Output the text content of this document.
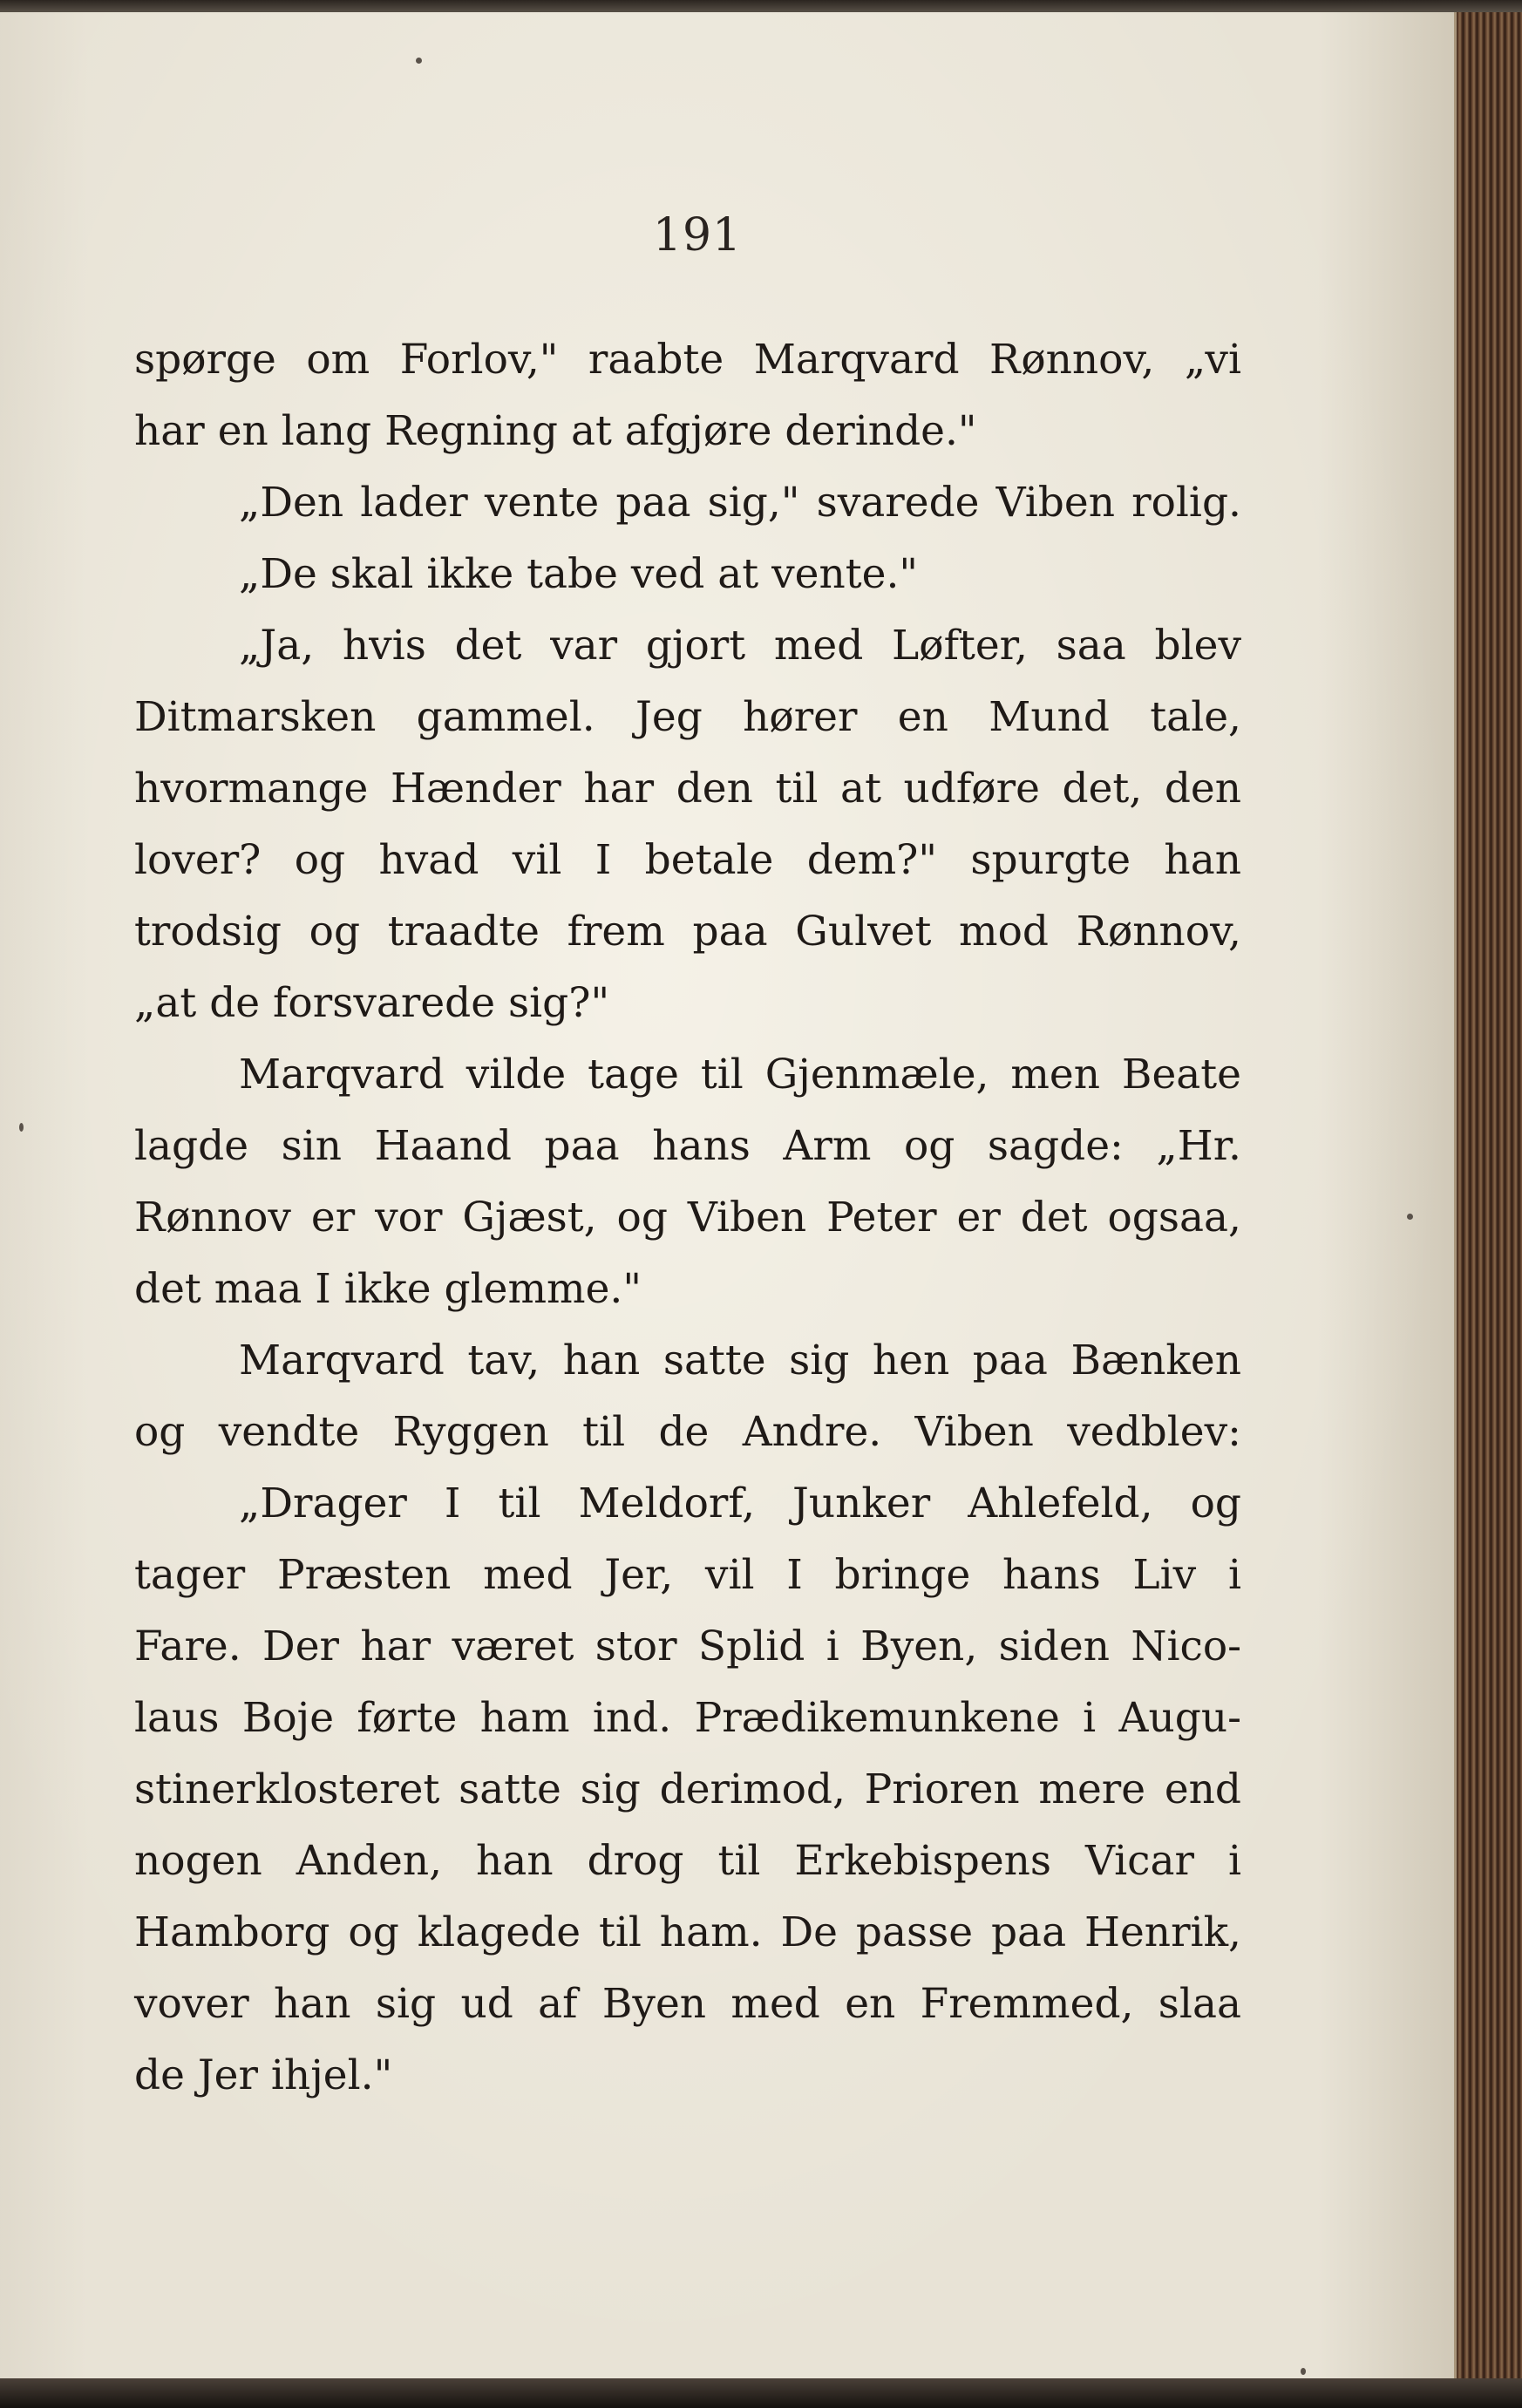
191
spørge om Forlov," raabte Marqvard Rønnov, „vi
har en lang Regning at afgjøre derinde."
„Den lader vente paa sig," svarede Viben rolig.
„De skal ikke tabe ved at vente."
„Ja, hvis det var gjort med Løfter, saa blev
Ditmarsken gammel. Jeg hører en Mund tale,
hvormange Hænder har den til at udføre det, den
lover? og hvad vil I betale dem?" spurgte han
trodsig og traadte frem paa Gulvet mod Rønnov,
„at de forsvarede sig?"
Marqvard vilde tage til Gjenmæle, men Beate
lagde sin Haand paa hans Arm og sagde: „Hr.
Rønnov er vor Gjæst, og Viben Peter er det ogsaa,
det maa I ikke glemme."
Marqvard tav, han satte sig hen paa Bænken
og vendte Ryggen til de Andre. Viben vedblev:
„Drager I til Meldorf, Junker Ahlefeld, og
tager Præsten med Jer, vil I bringe hans Liv i
Fare. Der har været stor Splid i Byen, siden Nico-
laus Boje førte ham ind. Prædikemunkene i Augu-
stinerklosteret satte sig derimod, Prioren mere end
nogen Anden, han drog til Erkebispens Vicar i
Hamborg og klagede til ham. De passe paa Henrik,
vover han sig ud af Byen med en Fremmed, slaa
de Jer ihjel."
